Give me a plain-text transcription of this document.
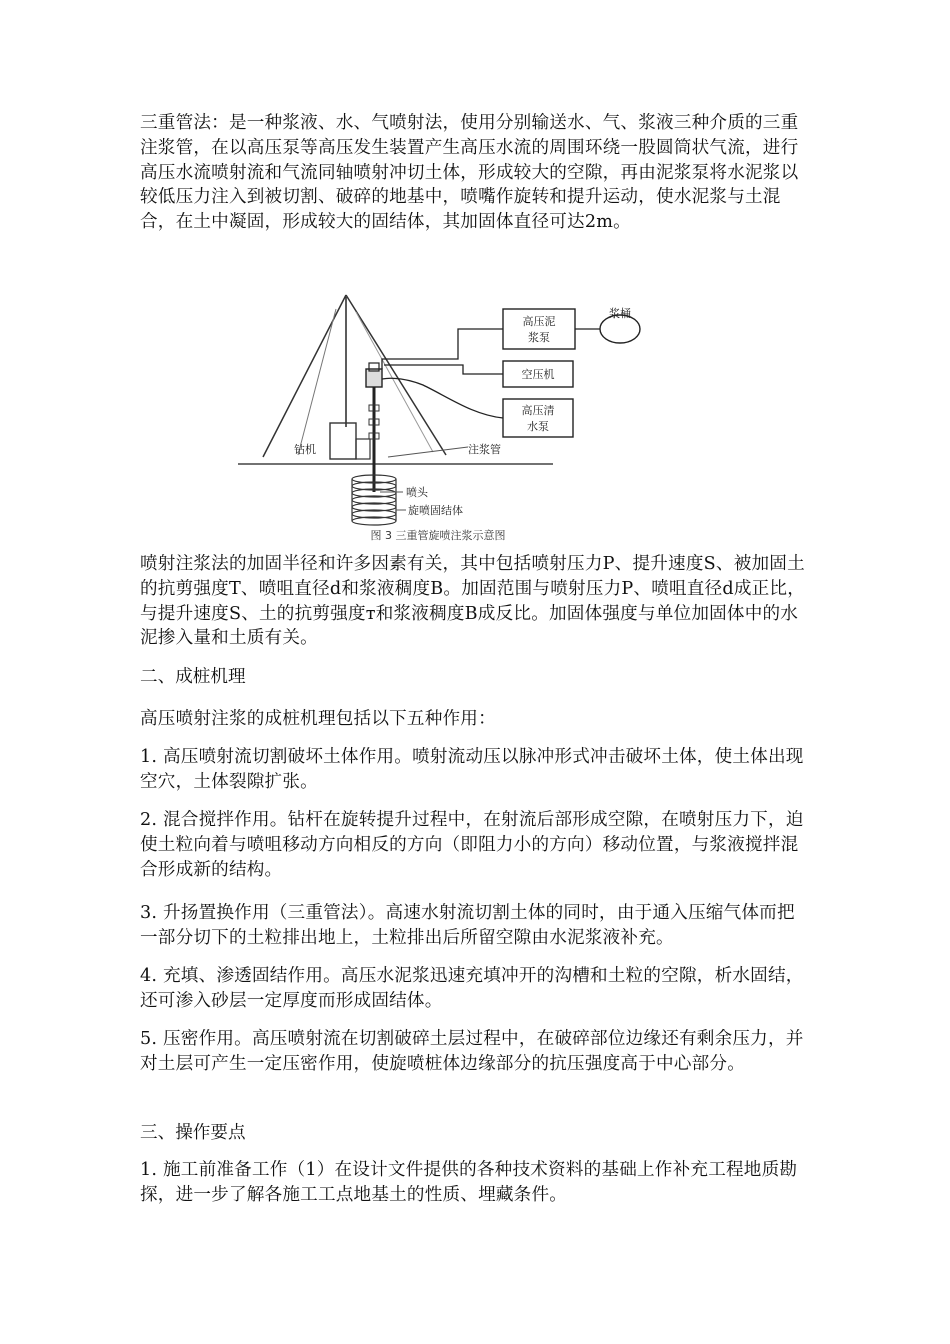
三重管法：是一种浆液、水、气喷射法，使用分别输送水、气、浆液三种介质的三重注浆管，在以高压泵等高压发生装置产生高压水流的周围环绕一股圆筒状气流，进行高压水流喷射流和气流同轴喷射冲切土体，形成较大的空隙，再由泥浆泵将水泥浆以较低压力注入到被切割、破碎的地基中，喷嘴作旋转和提升运动，使水泥浆与土混合，在土中凝固，形成较大的固结体，其加固体直径可达2m。

高压泥
浆泵
浆桶
空压机
高压清
水泵
钻机	注浆管
喷头
旋喷固结体
图 3 三重管旋喷注浆示意图

喷射注浆法的加固半径和许多因素有关，其中包括喷射压力P、提升速度S、被加固土的抗剪强度T、喷咀直径d和浆液稠度B。加固范围与喷射压力P、喷咀直径d成正比，与提升速度S、土的抗剪强度т和浆液稠度B成反比。加固体强度与单位加固体中的水泥掺入量和土质有关。

二、成桩机理

高压喷射注浆的成桩机理包括以下五种作用：

1. 高压喷射流切割破坏土体作用。喷射流动压以脉冲形式冲击破坏土体，使土体出现空穴，土体裂隙扩张。

2. 混合搅拌作用。钻杆在旋转提升过程中，在射流后部形成空隙，在喷射压力下，迫使土粒向着与喷咀移动方向相反的方向（即阻力小的方向）移动位置，与浆液搅拌混合形成新的结构。

3. 升扬置换作用（三重管法）。高速水射流切割土体的同时，由于通入压缩气体而把一部分切下的土粒排出地上，土粒排出后所留空隙由水泥浆液补充。

4. 充填、渗透固结作用。高压水泥浆迅速充填冲开的沟槽和土粒的空隙，析水固结，还可渗入砂层一定厚度而形成固结体。

5. 压密作用。高压喷射流在切割破碎土层过程中，在破碎部位边缘还有剩余压力，并对土层可产生一定压密作用，使旋喷桩体边缘部分的抗压强度高于中心部分。

三、操作要点

1. 施工前准备工作（1）在设计文件提供的各种技术资料的基础上作补充工程地质勘探，进一步了解各施工工点地基土的性质、埋藏条件。
